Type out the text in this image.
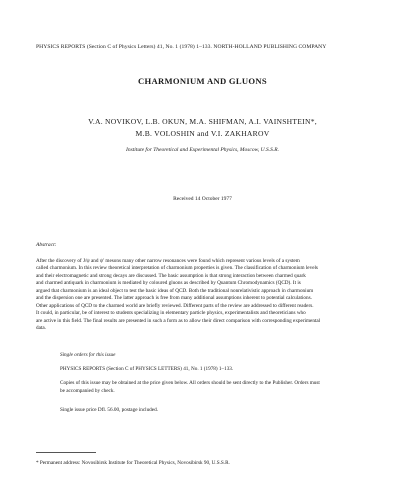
PHYSICS REPORTS (Section C of Physics Letters) 41, No. 1 (1978) 1–133. NORTH-HOLLAND PUBLISHING COMPANY
CHARMONIUM AND GLUONS
V.A. NOVIKOV, L.B. OKUN, M.A. SHIFMAN, A.I. VAINSHTEIN*,
M.B. VOLOSHIN and V.I. ZAKHAROV
Institute for Theoretical and Experimental Physics, Moscow, U.S.S.R.
Received 14 October 1977
Abstract:
After the discovery of J/ψ and ψ′ mesons many other narrow resonances were found which represent various levels of a system
called charmonium. In this review theoretical interpretation of charmonium properties is given. The classification of charmonium levels
and their electromagnetic and strong decays are discussed. The basic assumption is that strong interaction between charmed quark
and charmed antiquark in charmonium is mediated by coloured gluons as described by Quantum Chromodynamics (QCD). It is
argued that charmonium is an ideal object to test the basic ideas of QCD. Both the traditional nonrelativistic approach in charmonium
and the dispersion one are presented. The latter approach is free from many additional assumptions inherent to potential calculations.
Other applications of QCD to the charmed world are briefly reviewed. Different parts of the review are addressed to different readers.
It could, in particular, be of interest to students specializing in elementary particle physics, experimentalists and theoreticians who
are active in this field. The final results are presented in such a form as to allow their direct comparison with corresponding experimental
data.
Single orders for this issue
PHYSICS REPORTS (Section C of PHYSICS LETTERS) 41, No. 1 (1978) 1–133.
Copies of this issue may be obtained at the price given below. All orders should be sent directly to the Publisher. Orders must
be accompanied by check.
Single issue price Dfl. 56.00, postage included.
* Permanent address: Novosibirsk Institute for Theoretical Physics, Novosibirsk 90, U.S.S.R.
